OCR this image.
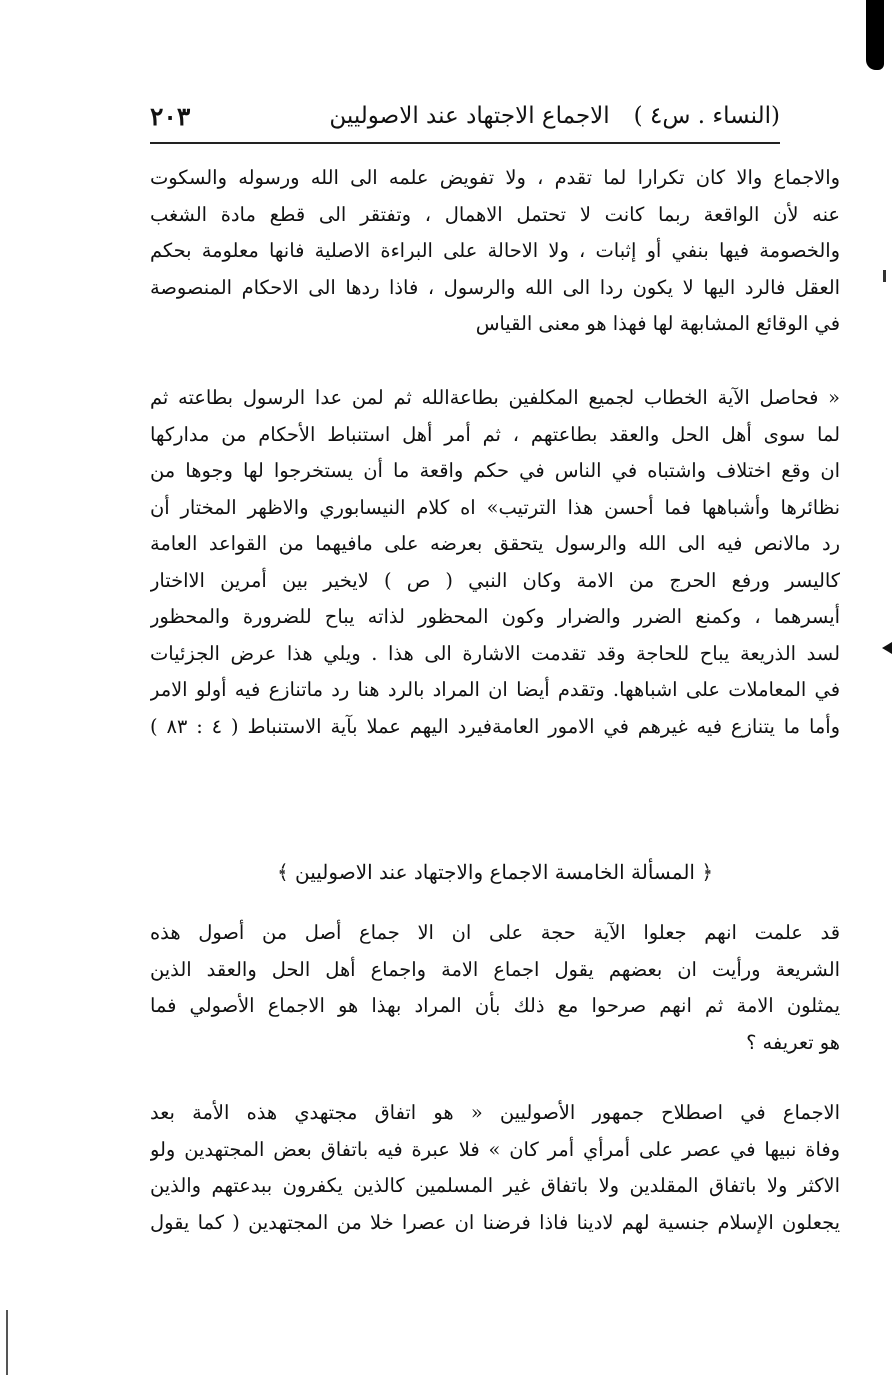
(النساء . س٤ )
الاجماع الاجتهاد عند الاصوليين
٢٠٣
والاجماع والا كان تكرارا لما تقدم ، ولا تفويض علمه الى الله ورسوله والسكوت
عنه لأن الواقعة ربما كانت لا تحتمل الاهمال ، وتفتقر الى قطع مادة الشغب
والخصومة فيها بنفي أو إثبات ، ولا الاحالة على البراءة الاصلية فانها معلومة بحكم
العقل فالرد اليها لا يكون ردا الى الله والرسول ، فاذا ردها الى الاحكام المنصوصة
في الوقائع المشابهة لها فهذا هو معنى القياس
« فحاصل الآية الخطاب لجميع المكلفين بطاعةالله ثم لمن عدا الرسول بطاعته ثم
لما سوى أهل الحل والعقد بطاعتهم ، ثم أمر أهل استنباط الأحكام من مداركها
ان وقع اختلاف واشتباه في الناس في حكم واقعة ما أن يستخرجوا لها وجوها من
نظائرها وأشباهها فما أحسن هذا الترتيب» اه كلام النيسابوري والاظهر المختار أن
رد مالانص فيه الى الله والرسول يتحقق بعرضه على مافيهما من القواعد العامة
كاليسر ورفع الحرج من الامة وكان النبي ( ص ) لايخير بين أمرين الااختار
أيسرهما ، وكمنع الضرر والضرار وكون المحظور لذاته يباح للضرورة والمحظور
لسد الذريعة يباح للحاجة وقد تقدمت الاشارة الى هذا . ويلي هذا عرض الجزئيات
في المعاملات على اشباهها. وتقدم أيضا ان المراد بالرد هنا رد ماتنازع فيه أولو الامر
وأما ما يتنازع فيه غيرهم في الامور العامةفيرد اليهم عملا بآية الاستنباط ( ٤ : ٨٣ )
﴿ المسألة الخامسة الاجماع والاجتهاد عند الاصوليين ﴾
قد علمت انهم جعلوا الآية حجة على ان الا جماع أصل من أصول هذه
الشريعة ورأيت ان بعضهم يقول اجماع الامة واجماع أهل الحل والعقد الذين
يمثلون الامة ثم انهم صرحوا مع ذلك بأن المراد بهذا هو الاجماع الأصولي فما
هو تعريفه ؟
الاجماع في اصطلاح جمهور الأصوليين « هو اتفاق مجتهدي هذه الأمة بعد
وفاة نبيها في عصر على أمرأي أمر كان » فلا عبرة فيه باتفاق بعض المجتهدين ولو
الاكثر ولا باتفاق المقلدين ولا باتفاق غير المسلمين كالذين يكفرون ببدعتهم والذين
يجعلون الإسلام جنسية لهم لادينا فاذا فرضنا ان عصرا خلا من المجتهدين ( كما يقول
